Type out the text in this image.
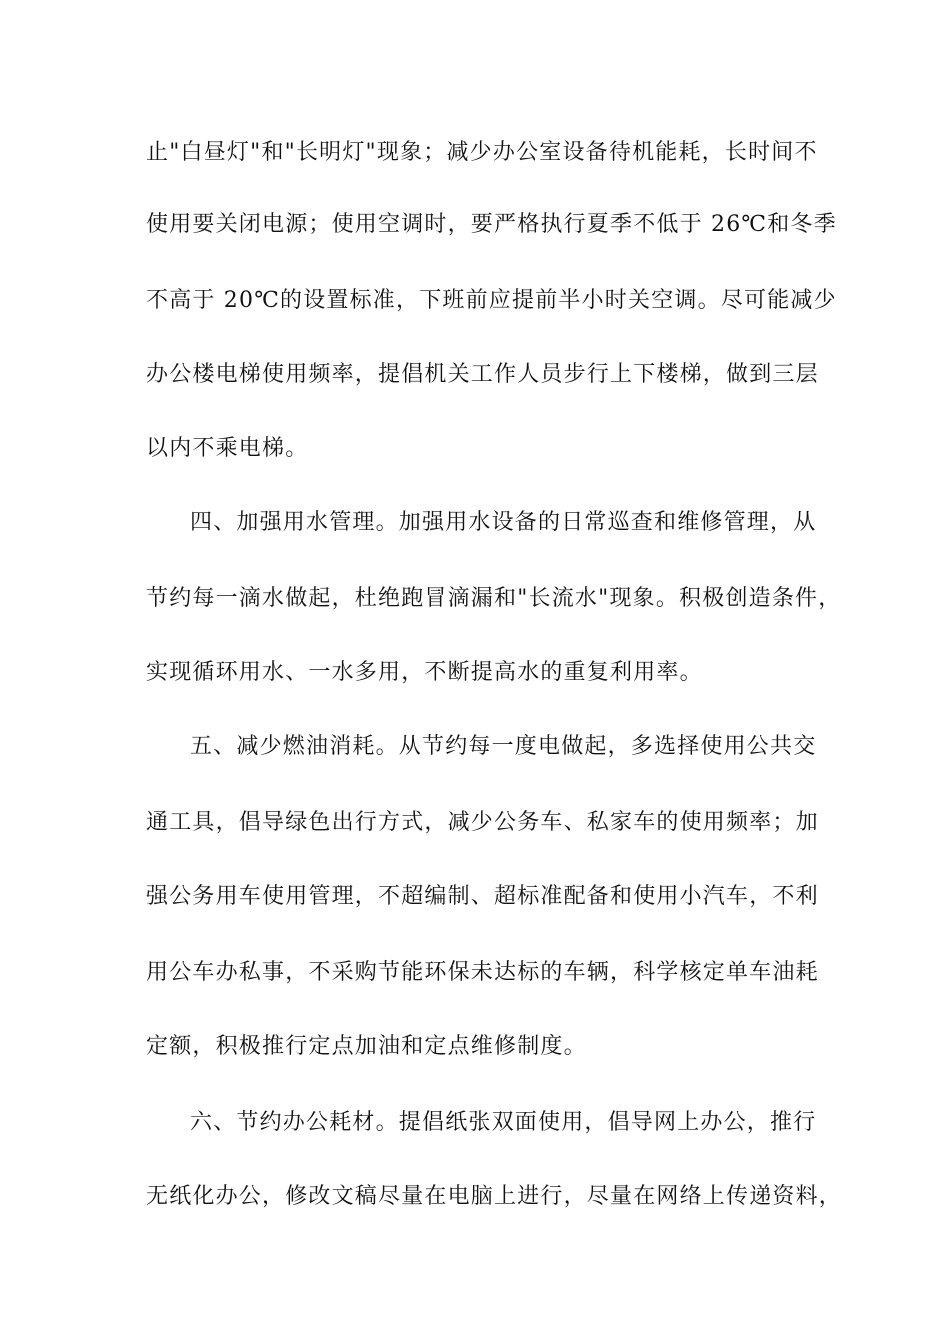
止"白昼灯"和"长明灯"现象；减少办公室设备待机能耗，长时间不
使用要关闭电源；使用空调时，要严格执行夏季不低于 26℃和冬季
不高于 20℃的设置标准，下班前应提前半小时关空调。尽可能减少
办公楼电梯使用频率，提倡机关工作人员步行上下楼梯，做到三层
以内不乘电梯。
四、加强用水管理。加强用水设备的日常巡查和维修管理，从
节约每一滴水做起，杜绝跑冒滴漏和"长流水"现象。积极创造条件，
实现循环用水、一水多用，不断提高水的重复利用率。
五、减少燃油消耗。从节约每一度电做起，多选择使用公共交
通工具，倡导绿色出行方式，减少公务车、私家车的使用频率；加
强公务用车使用管理，不超编制、超标准配备和使用小汽车，不利
用公车办私事，不采购节能环保未达标的车辆，科学核定单车油耗
定额，积极推行定点加油和定点维修制度。
六、节约办公耗材。提倡纸张双面使用，倡导网上办公，推行
无纸化办公，修改文稿尽量在电脑上进行，尽量在网络上传递资料，
